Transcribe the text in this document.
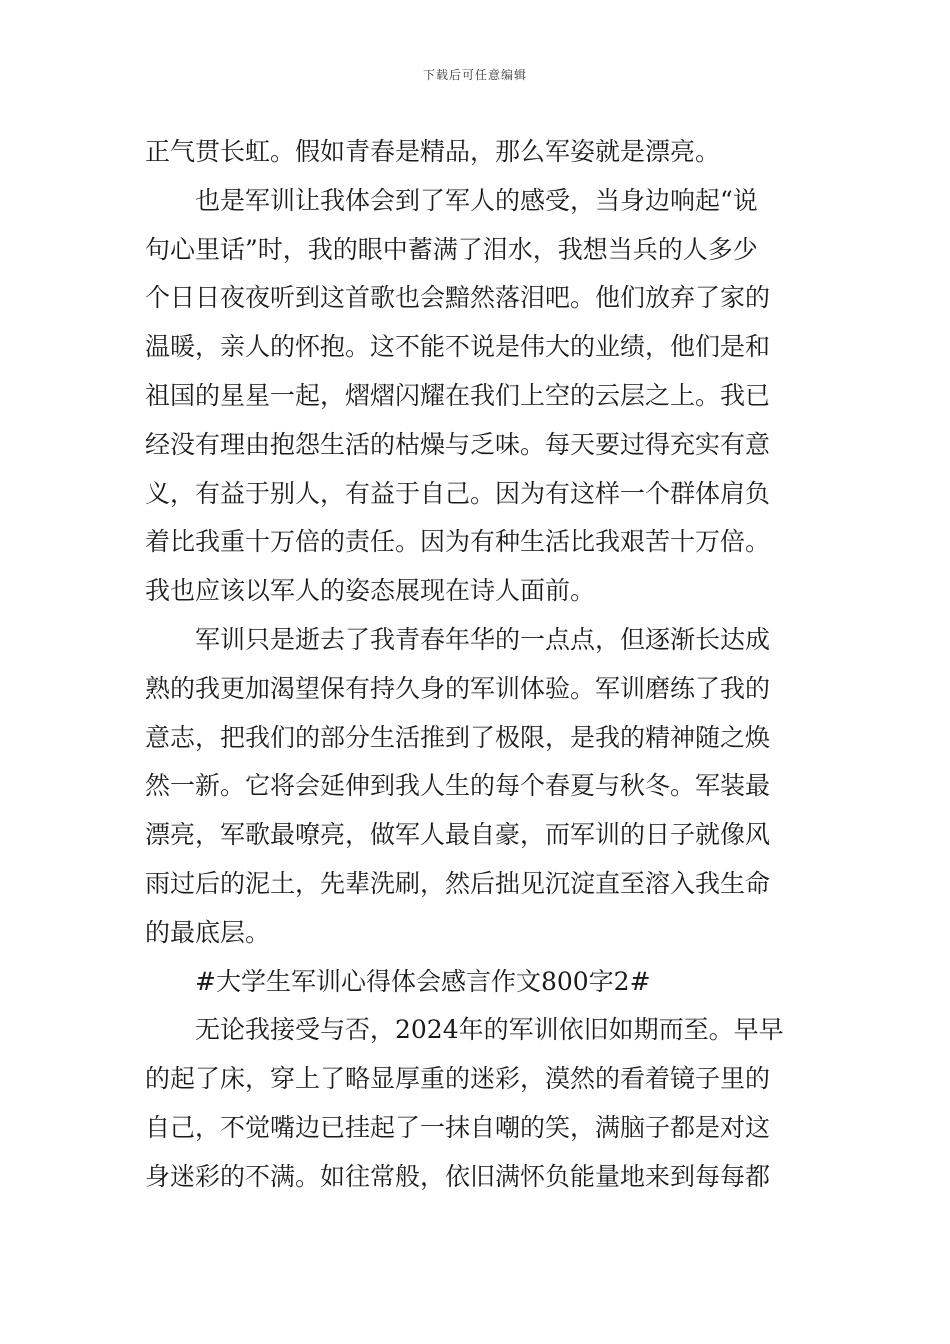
下载后可任意编辑
正气贯长虹。假如青春是精品，那么军姿就是漂亮。
也是军训让我体会到了军人的感受，当身边响起“说
句心里话”时，我的眼中蓄满了泪水，我想当兵的人多少
个日日夜夜听到这首歌也会黯然落泪吧。他们放弃了家的
温暖，亲人的怀抱。这不能不说是伟大的业绩，他们是和
祖国的星星一起，熠熠闪耀在我们上空的云层之上。我已
经没有理由抱怨生活的枯燥与乏味。每天要过得充实有意
义，有益于别人，有益于自己。因为有这样一个群体肩负
着比我重十万倍的责任。因为有种生活比我艰苦十万倍。
我也应该以军人的姿态展现在诗人面前。
军训只是逝去了我青春年华的一点点，但逐渐长达成
熟的我更加渴望保有持久身的军训体验。军训磨练了我的
意志，把我们的部分生活推到了极限，是我的精神随之焕
然一新。它将会延伸到我人生的每个春夏与秋冬。军装最
漂亮，军歌最嘹亮，做军人最自豪，而军训的日子就像风
雨过后的泥土，先辈洗刷，然后拙见沉淀直至溶入我生命
的最底层。
#大学生军训心得体会感言作文800字2#
无论我接受与否，2024年的军训依旧如期而至。早早
的起了床，穿上了略显厚重的迷彩，漠然的看着镜子里的
自己，不觉嘴边已挂起了一抹自嘲的笑，满脑子都是对这
身迷彩的不满。如往常般，依旧满怀负能量地来到每每都
